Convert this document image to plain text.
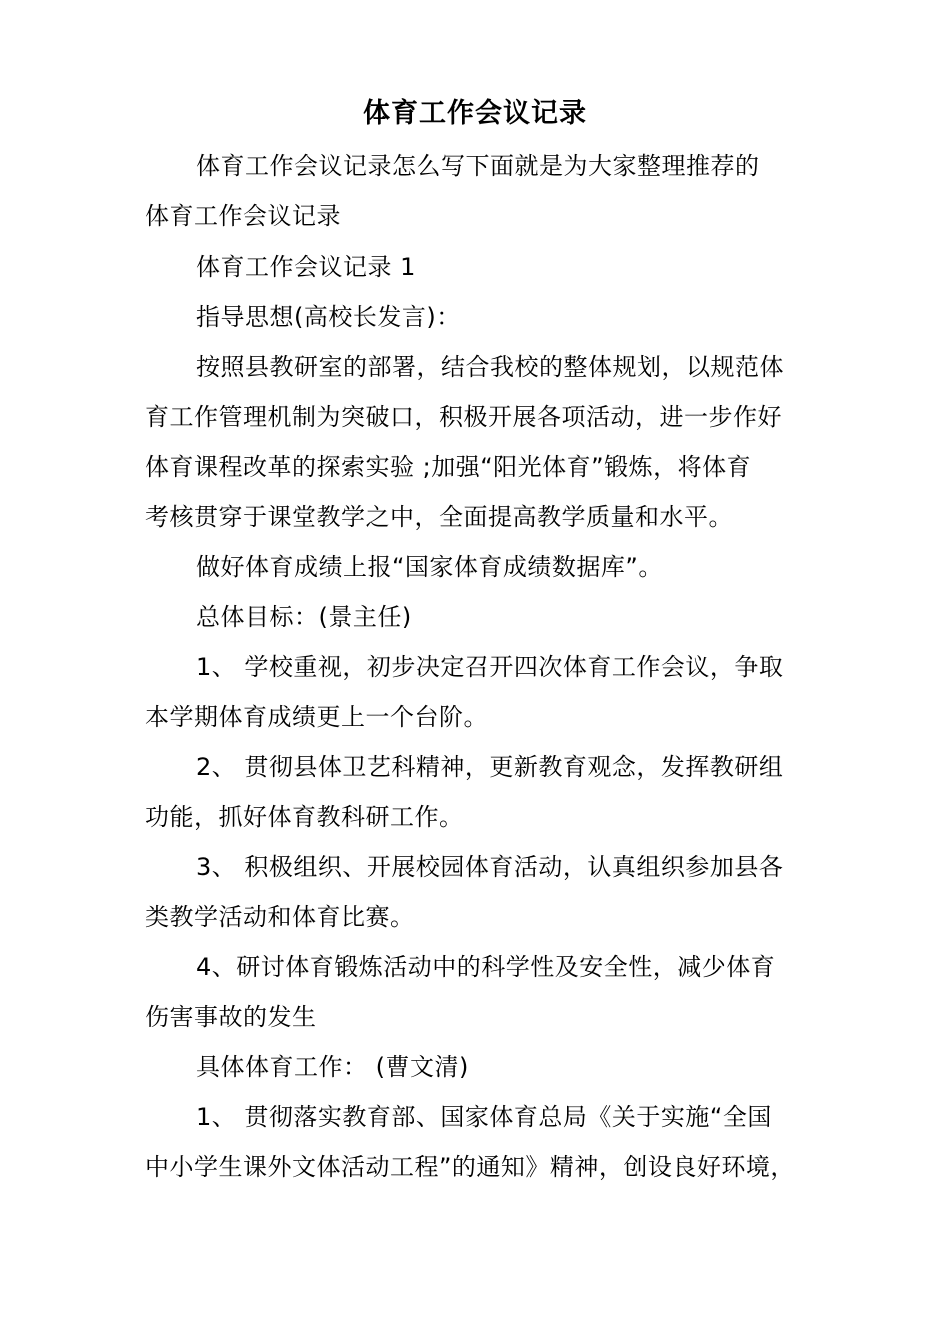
体育工作会议记录
体育工作会议记录怎么写下面就是为大家整理推荐的
体育工作会议记录
体育工作会议记录 1
指导思想(高校长发言)：
按照县教研室的部署，结合我校的整体规划，以规范体
育工作管理机制为突破口，积极开展各项活动，进一步作好
体育课程改革的探索实验 ;加强“阳光体育”锻炼，将体育
考核贯穿于课堂教学之中，全面提高教学质量和水平。
做好体育成绩上报“国家体育成绩数据库”。
总体目标：(景主任)
1、 学校重视，初步决定召开四次体育工作会议，争取
本学期体育成绩更上一个台阶。
2、 贯彻县体卫艺科精神，更新教育观念，发挥教研组
功能，抓好体育教科研工作。
3、 积极组织、开展校园体育活动，认真组织参加县各
类教学活动和体育比赛。
4、研讨体育锻炼活动中的科学性及安全性，减少体育
伤害事故的发生
具体体育工作： (曹文清)
1、 贯彻落实教育部、国家体育总局《关于实施“全国
中小学生课外文体活动工程”的通知》精神，创设良好环境，
